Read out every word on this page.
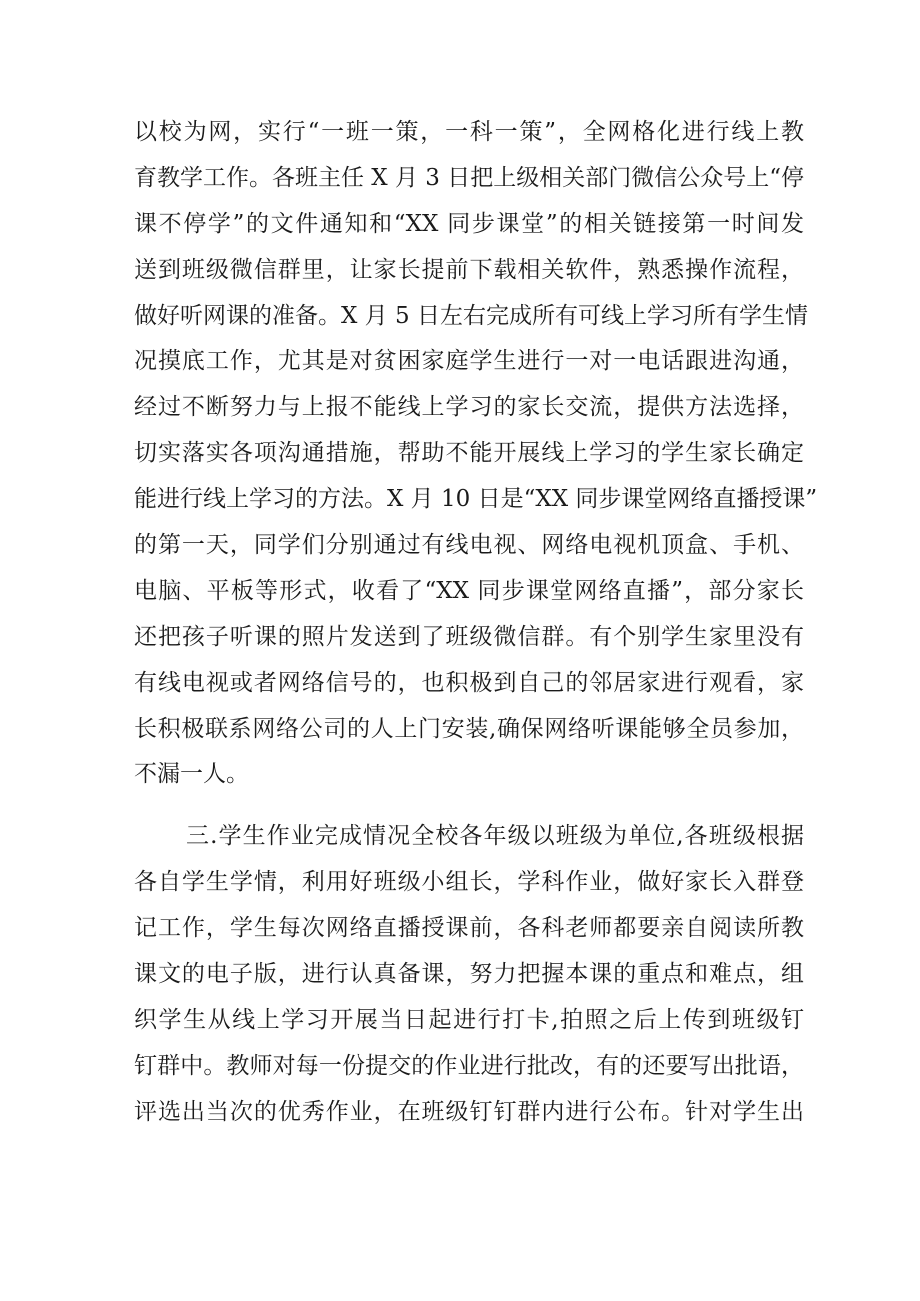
以校为网，实行“一班一策，一科一策”，全网格化进行线上教
育教学工作。各班主任 X 月 3 日把上级相关部门微信公众号上“停
课不停学”的文件通知和“XX 同步课堂”的相关链接第一时间发
送到班级微信群里，让家长提前下载相关软件，熟悉操作流程，
做好听网课的准备。X 月 5 日左右完成所有可线上学习所有学生情
况摸底工作，尤其是对贫困家庭学生进行一对一电话跟进沟通，
经过不断努力与上报不能线上学习的家长交流，提供方法选择，
切实落实各项沟通措施，帮助不能开展线上学习的学生家长确定
能进行线上学习的方法。X 月 10 日是“XX 同步课堂网络直播授课”
的第一天，同学们分别通过有线电视、网络电视机顶盒、手机、
电脑、平板等形式，收看了“XX 同步课堂网络直播”，部分家长
还把孩子听课的照片发送到了班级微信群。有个别学生家里没有
有线电视或者网络信号的，也积极到自己的邻居家进行观看，家
长积极联系网络公司的人上门安装,确保网络听课能够全员参加，
不漏一人。
三.学生作业完成情况全校各年级以班级为单位,各班级根据
各自学生学情，利用好班级小组长，学科作业，做好家长入群登
记工作，学生每次网络直播授课前，各科老师都要亲自阅读所教
课文的电子版，进行认真备课，努力把握本课的重点和难点，组
织学生从线上学习开展当日起进行打卡,拍照之后上传到班级钉
钉群中。教师对每一份提交的作业进行批改，有的还要写出批语，
评选出当次的优秀作业，在班级钉钉群内进行公布。针对学生出
